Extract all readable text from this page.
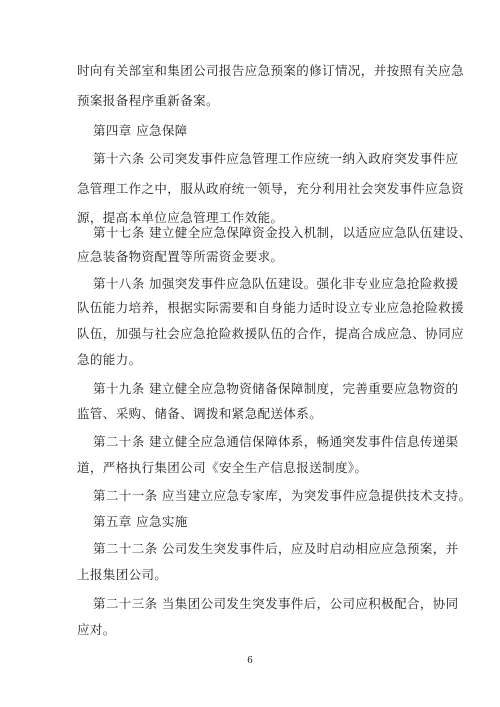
时向有关部室和集团公司报告应急预案的修订情况，并按照有关应急
预案报备程序重新备案。
第四章 应急保障
第十六条 公司突发事件应急管理工作应统一纳入政府突发事件应
急管理工作之中，服从政府统一领导，充分利用社会突发事件应急资
源，提高本单位应急管理工作效能。
第十七条 建立健全应急保障资金投入机制，以适应应急队伍建设、
应急装备物资配置等所需资金要求。
第十八条 加强突发事件应急队伍建设。强化非专业应急抢险救援
队伍能力培养，根据实际需要和自身能力适时设立专业应急抢险救援
队伍，加强与社会应急抢险救援队伍的合作，提高合成应急、协同应
急的能力。
第十九条 建立健全应急物资储备保障制度，完善重要应急物资的
监管、采购、储备、调拨和紧急配送体系。
第二十条 建立健全应急通信保障体系，畅通突发事件信息传递渠
道，严格执行集团公司《安全生产信息报送制度》。
第二十一条 应当建立应急专家库，为突发事件应急提供技术支持。
第五章 应急实施
第二十二条 公司发生突发事件后，应及时启动相应应急预案，并
上报集团公司。
第二十三条 当集团公司发生突发事件后，公司应积极配合，协同
应对。
6
